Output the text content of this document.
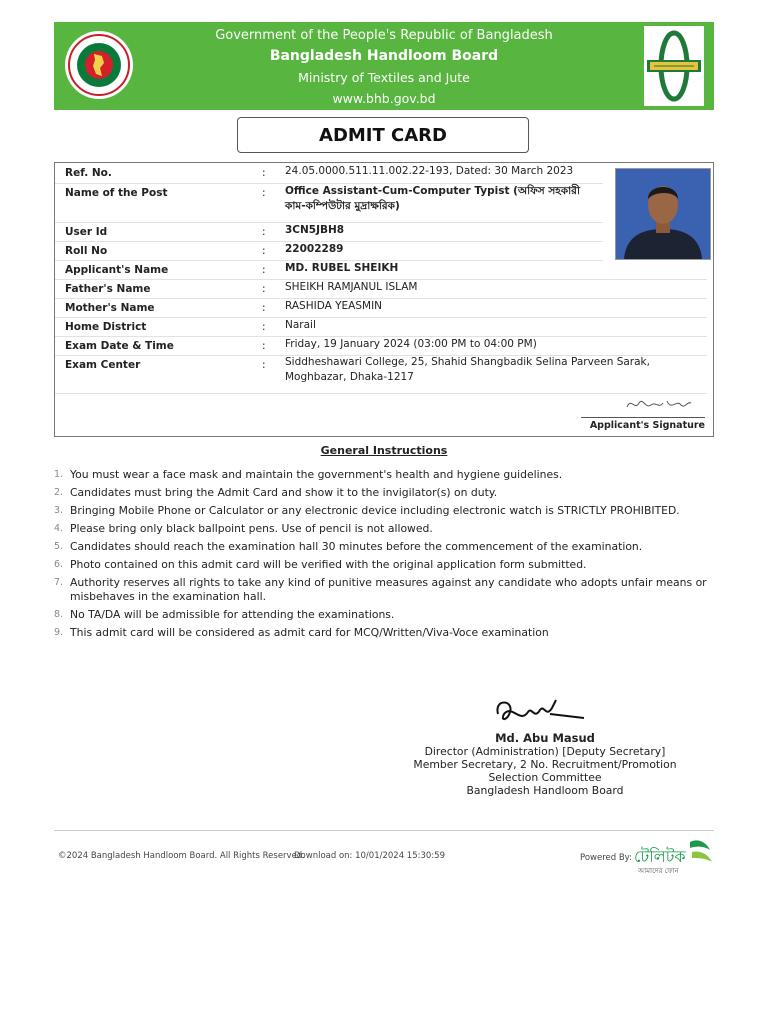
Government of the People's Republic of Bangladesh
Bangladesh Handloom Board
Ministry of Textiles and Jute
www.bhb.gov.bd
ADMIT CARD
Ref. No.	: 24.05.0000.511.11.002.22-193, Dated: 30 March 2023
Name of the Post	: Office Assistant-Cum-Computer Typist (অফিস সহকারী কাম-কম্পিউটার মুদ্রাক্ষরিক)
User Id	: 3CN5JBH8
Roll No	: 22002289
Applicant's Name	: MD. RUBEL SHEIKH
Father's Name	: SHEIKH RAMJANUL ISLAM
Mother's Name	: RASHIDA YEASMIN
Home District	: Narail
Exam Date & Time	: Friday, 19 January 2024 (03:00 PM to 04:00 PM)
Exam Center	: Siddheshawari College, 25, Shahid Shangbadik Selina Parveen Sarak, Moghbazar, Dhaka-1217
Applicant's Signature
General Instructions
1. You must wear a face mask and maintain the government's health and hygiene guidelines.
2. Candidates must bring the Admit Card and show it to the invigilator(s) on duty.
3. Bringing Mobile Phone or Calculator or any electronic device including electronic watch is STRICTLY PROHIBITED.
4. Please bring only black ballpoint pens. Use of pencil is not allowed.
5. Candidates should reach the examination hall 30 minutes before the commencement of the examination.
6. Photo contained on this admit card will be verified with the original application form submitted.
7. Authority reserves all rights to take any kind of punitive measures against any candidate who adopts unfair means or misbehaves in the examination hall.
8. No TA/DA will be admissible for attending the examinations.
9. This admit card will be considered as admit card for MCQ/Written/Viva-Voce examination
Md. Abu Masud
Director (Administration) [Deputy Secretary]
Member Secretary, 2 No. Recruitment/Promotion
Selection Committee
Bangladesh Handloom Board
©2024 Bangladesh Handloom Board. All Rights Reserved.
Download on: 10/01/2024 15:30:59	Powered By: টেলিটক
আমাদের ফোন
